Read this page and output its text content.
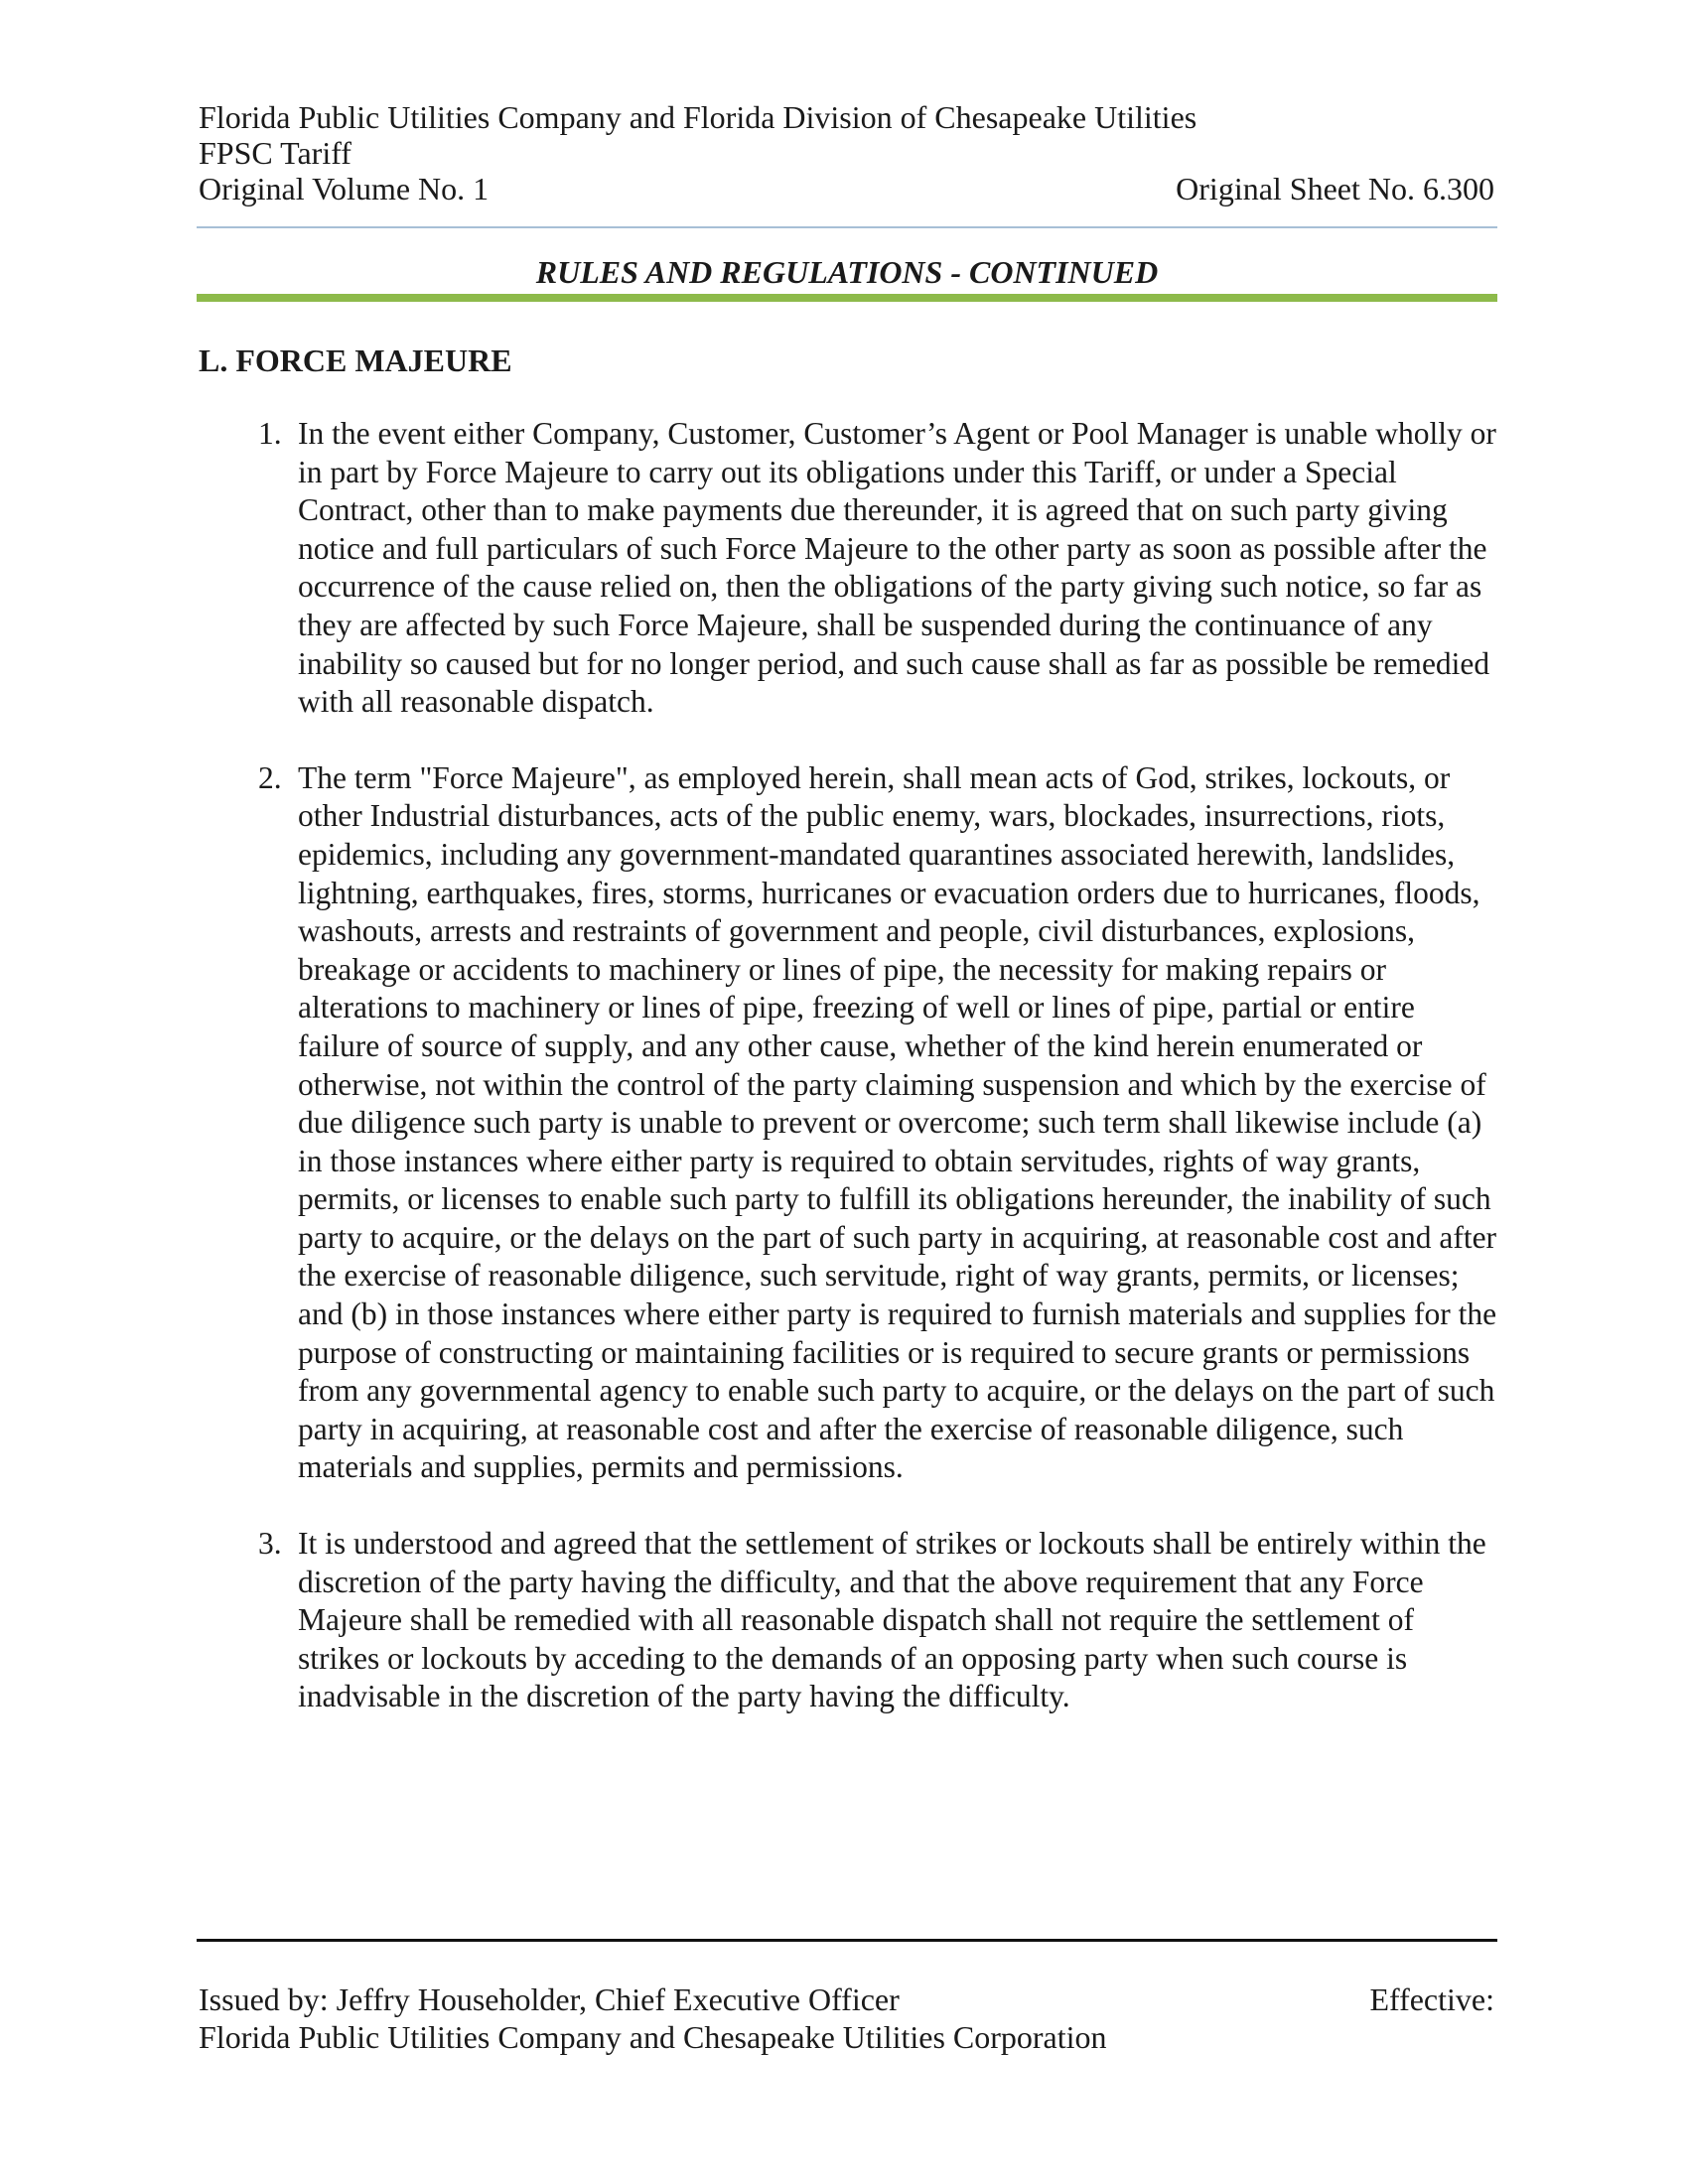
Florida Public Utilities Company and Florida Division of Chesapeake Utilities
FPSC Tariff
Original Volume No. 1	Original Sheet No. 6.300
RULES AND REGULATIONS - CONTINUED
L. FORCE MAJEURE
1. In the event either Company, Customer, Customer’s Agent or Pool Manager is unable wholly or in part by Force Majeure to carry out its obligations under this Tariff, or under a Special Contract, other than to make payments due thereunder, it is agreed that on such party giving notice and full particulars of such Force Majeure to the other party as soon as possible after the occurrence of the cause relied on, then the obligations of the party giving such notice, so far as they are affected by such Force Majeure, shall be suspended during the continuance of any inability so caused but for no longer period, and such cause shall as far as possible be remedied with all reasonable dispatch.
2. The term "Force Majeure", as employed herein, shall mean acts of God, strikes, lockouts, or other Industrial disturbances, acts of the public enemy, wars, blockades, insurrections, riots, epidemics, including any government-mandated quarantines associated herewith, landslides, lightning, earthquakes, fires, storms, hurricanes or evacuation orders due to hurricanes, floods, washouts, arrests and restraints of government and people, civil disturbances, explosions, breakage or accidents to machinery or lines of pipe, the necessity for making repairs or alterations to machinery or lines of pipe, freezing of well or lines of pipe, partial or entire failure of source of supply, and any other cause, whether of the kind herein enumerated or otherwise, not within the control of the party claiming suspension and which by the exercise of due diligence such party is unable to prevent or overcome; such term shall likewise include (a) in those instances where either party is required to obtain servitudes, rights of way grants, permits, or licenses to enable such party to fulfill its obligations hereunder, the inability of such party to acquire, or the delays on the part of such party in acquiring, at reasonable cost and after the exercise of reasonable diligence, such servitude, right of way grants, permits, or licenses; and (b) in those instances where either party is required to furnish materials and supplies for the purpose of constructing or maintaining facilities or is required to secure grants or permissions from any governmental agency to enable such party to acquire, or the delays on the part of such party in acquiring, at reasonable cost and after the exercise of reasonable diligence, such materials and supplies, permits and permissions.
3. It is understood and agreed that the settlement of strikes or lockouts shall be entirely within the discretion of the party having the difficulty, and that the above requirement that any Force Majeure shall be remedied with all reasonable dispatch shall not require the settlement of strikes or lockouts by acceding to the demands of an opposing party when such course is inadvisable in the discretion of the party having the difficulty.
Issued by: Jeffry Householder, Chief Executive Officer	Effective:
Florida Public Utilities Company and Chesapeake Utilities Corporation
